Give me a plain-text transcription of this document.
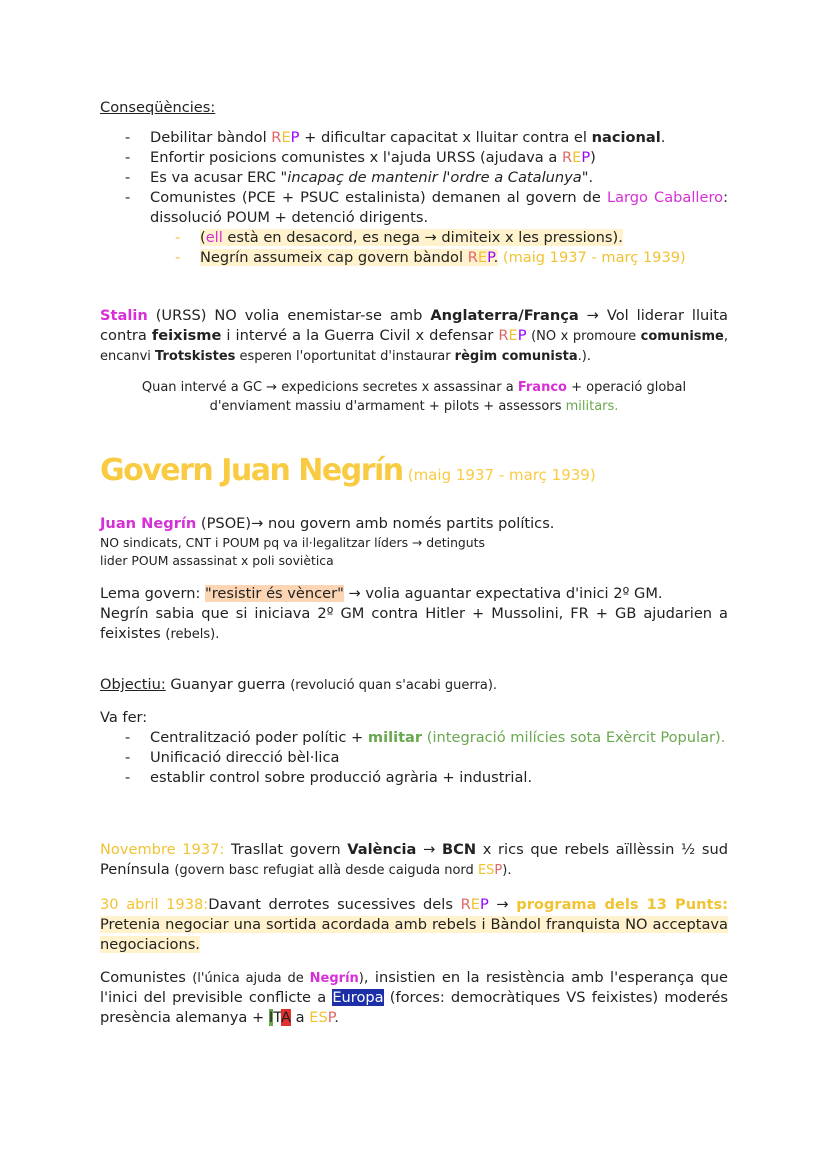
Conseqüències:

- Debilitar bàndol REP + dificultar capacitat x lluitar contra el nacional.
- Enfortir posicions comunistes x l'ajuda URSS (ajudava a REP)
- Es va acusar ERC "incapaç de mantenir l'ordre a Catalunya".
- Comunistes (PCE + PSUC estalinista) demanen al govern de Largo Caballero: dissolució POUM + detenció dirigents.
- (ell està en desacord, es nega → dimiteix x les pressions).
- Negrín assumeix cap govern bàndol REP. (maig 1937 - març 1939)

Stalin (URSS) NO volia enemistar-se amb Anglaterra/França → Vol liderar lluita contra feixisme i intervé a la Guerra Civil x defensar REP (NO x promoure comunisme, encanvi Trotskistes esperen l'oportunitat d'instaurar règim comunista.).

Quan intervé a GC → expedicions secretes x assassinar a Franco + operació global d'enviament massiu d'armament + pilots + assessors militars.

Govern Juan Negrín (maig 1937 - març 1939)

Juan Negrín (PSOE)→ nou govern amb només partits polítics.

NO sindicats, CNT i POUM pq va il·legalitzar líders → detinguts

lider POUM assassinat x poli soviètica

Lema govern: "resistir és vèncer" → volia aguantar expectativa d'inici 2º GM.

Negrín sabia que si iniciava 2º GM contra Hitler + Mussolini, FR + GB ajudarien a feixistes (rebels).

Objectiu: Guanyar guerra (revolució quan s'acabi guerra).

Va fer:

- Centralització poder polític + militar (integració milícies sota Exèrcit Popular).
- Unificació direcció bèl·lica
- establir control sobre producció agrària + industrial.

Novembre 1937: Trasllat govern València → BCN x rics que rebels aïllèssin ½ sud Península (govern basc refugiat allà desde caiguda nord ESP).

30 abril 1938:Davant derrotes sucessives dels REP → programa dels 13 Punts: Pretenia negociar una sortida acordada amb rebels i Bàndol franquista NO acceptava negociacions.

Comunistes (l'única ajuda de Negrín), insistien en la resistència amb l'esperança que l'inici del previsible conflicte a Europa (forces: democràtiques VS feixistes) moderés presència alemanya + ITA a ESP.
